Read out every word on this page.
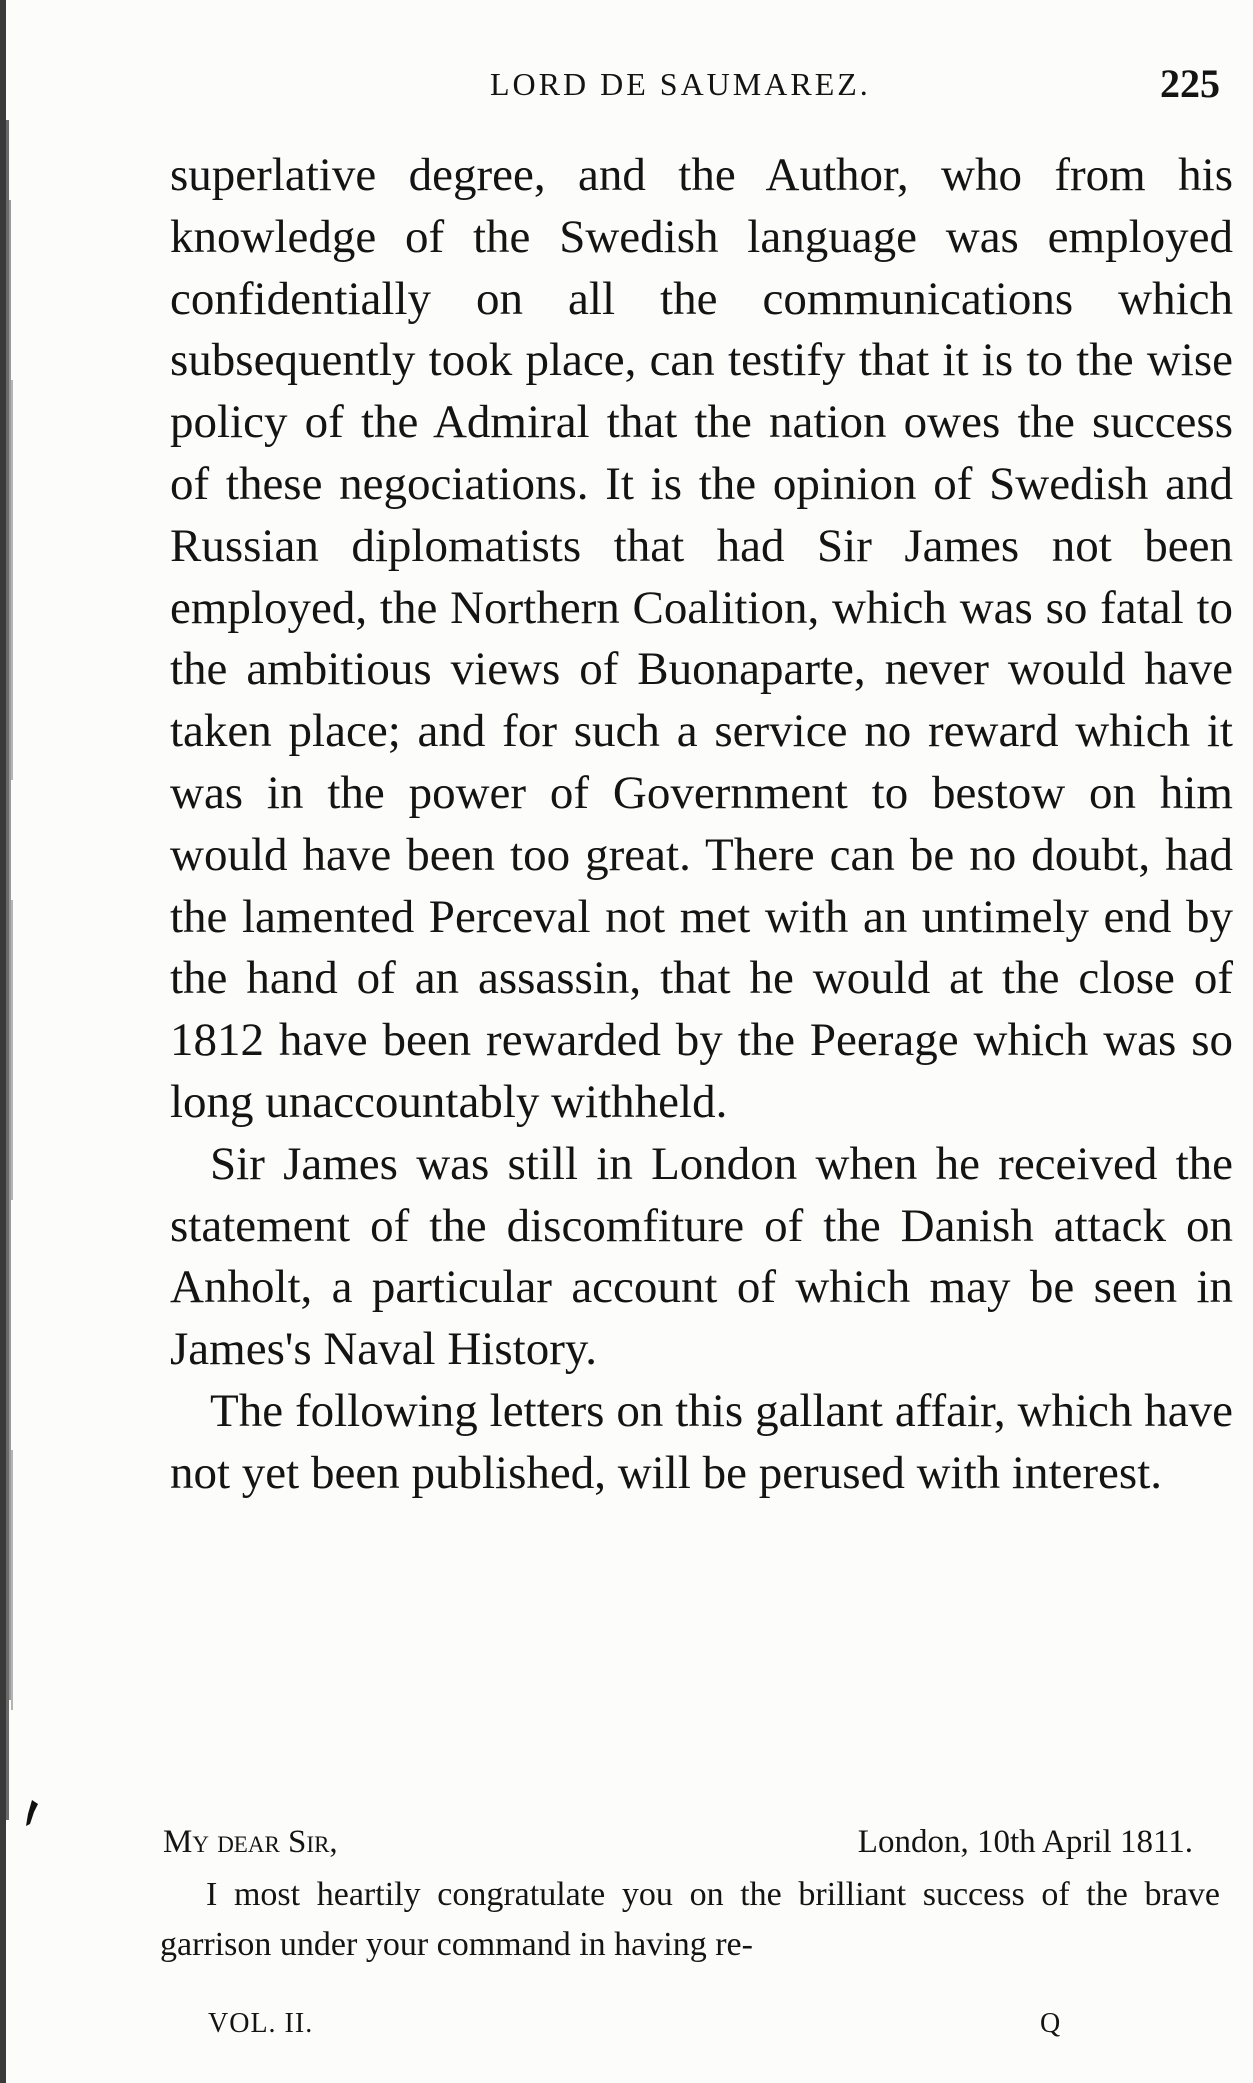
LORD DE SAUMAREZ.	225

superlative degree, and the Author, who from his knowledge of the Swedish language was employed confidentially on all the communications which subsequently took place, can testify that it is to the wise policy of the Admiral that the nation owes the success of these negociations. It is the opinion of Swedish and Russian diplomatists that had Sir James not been employed, the Northern Coalition, which was so fatal to the ambitious views of Buonaparte, never would have taken place; and for such a service no reward which it was in the power of Government to bestow on him would have been too great. There can be no doubt, had the lamented Perceval not met with an untimely end by the hand of an assassin, that he would at the close of 1812 have been rewarded by the Peerage which was so long unaccountably withheld.

Sir James was still in London when he received the statement of the discomfiture of the Danish attack on Anholt, a particular account of which may be seen in James's Naval History.

The following letters on this gallant affair, which have not yet been published, will be perused with interest.

My dear Sir,	London, 10th April 1811.

I most heartily congratulate you on the brilliant success of the brave garrison under your command in having re-

VOL. II.	Q
